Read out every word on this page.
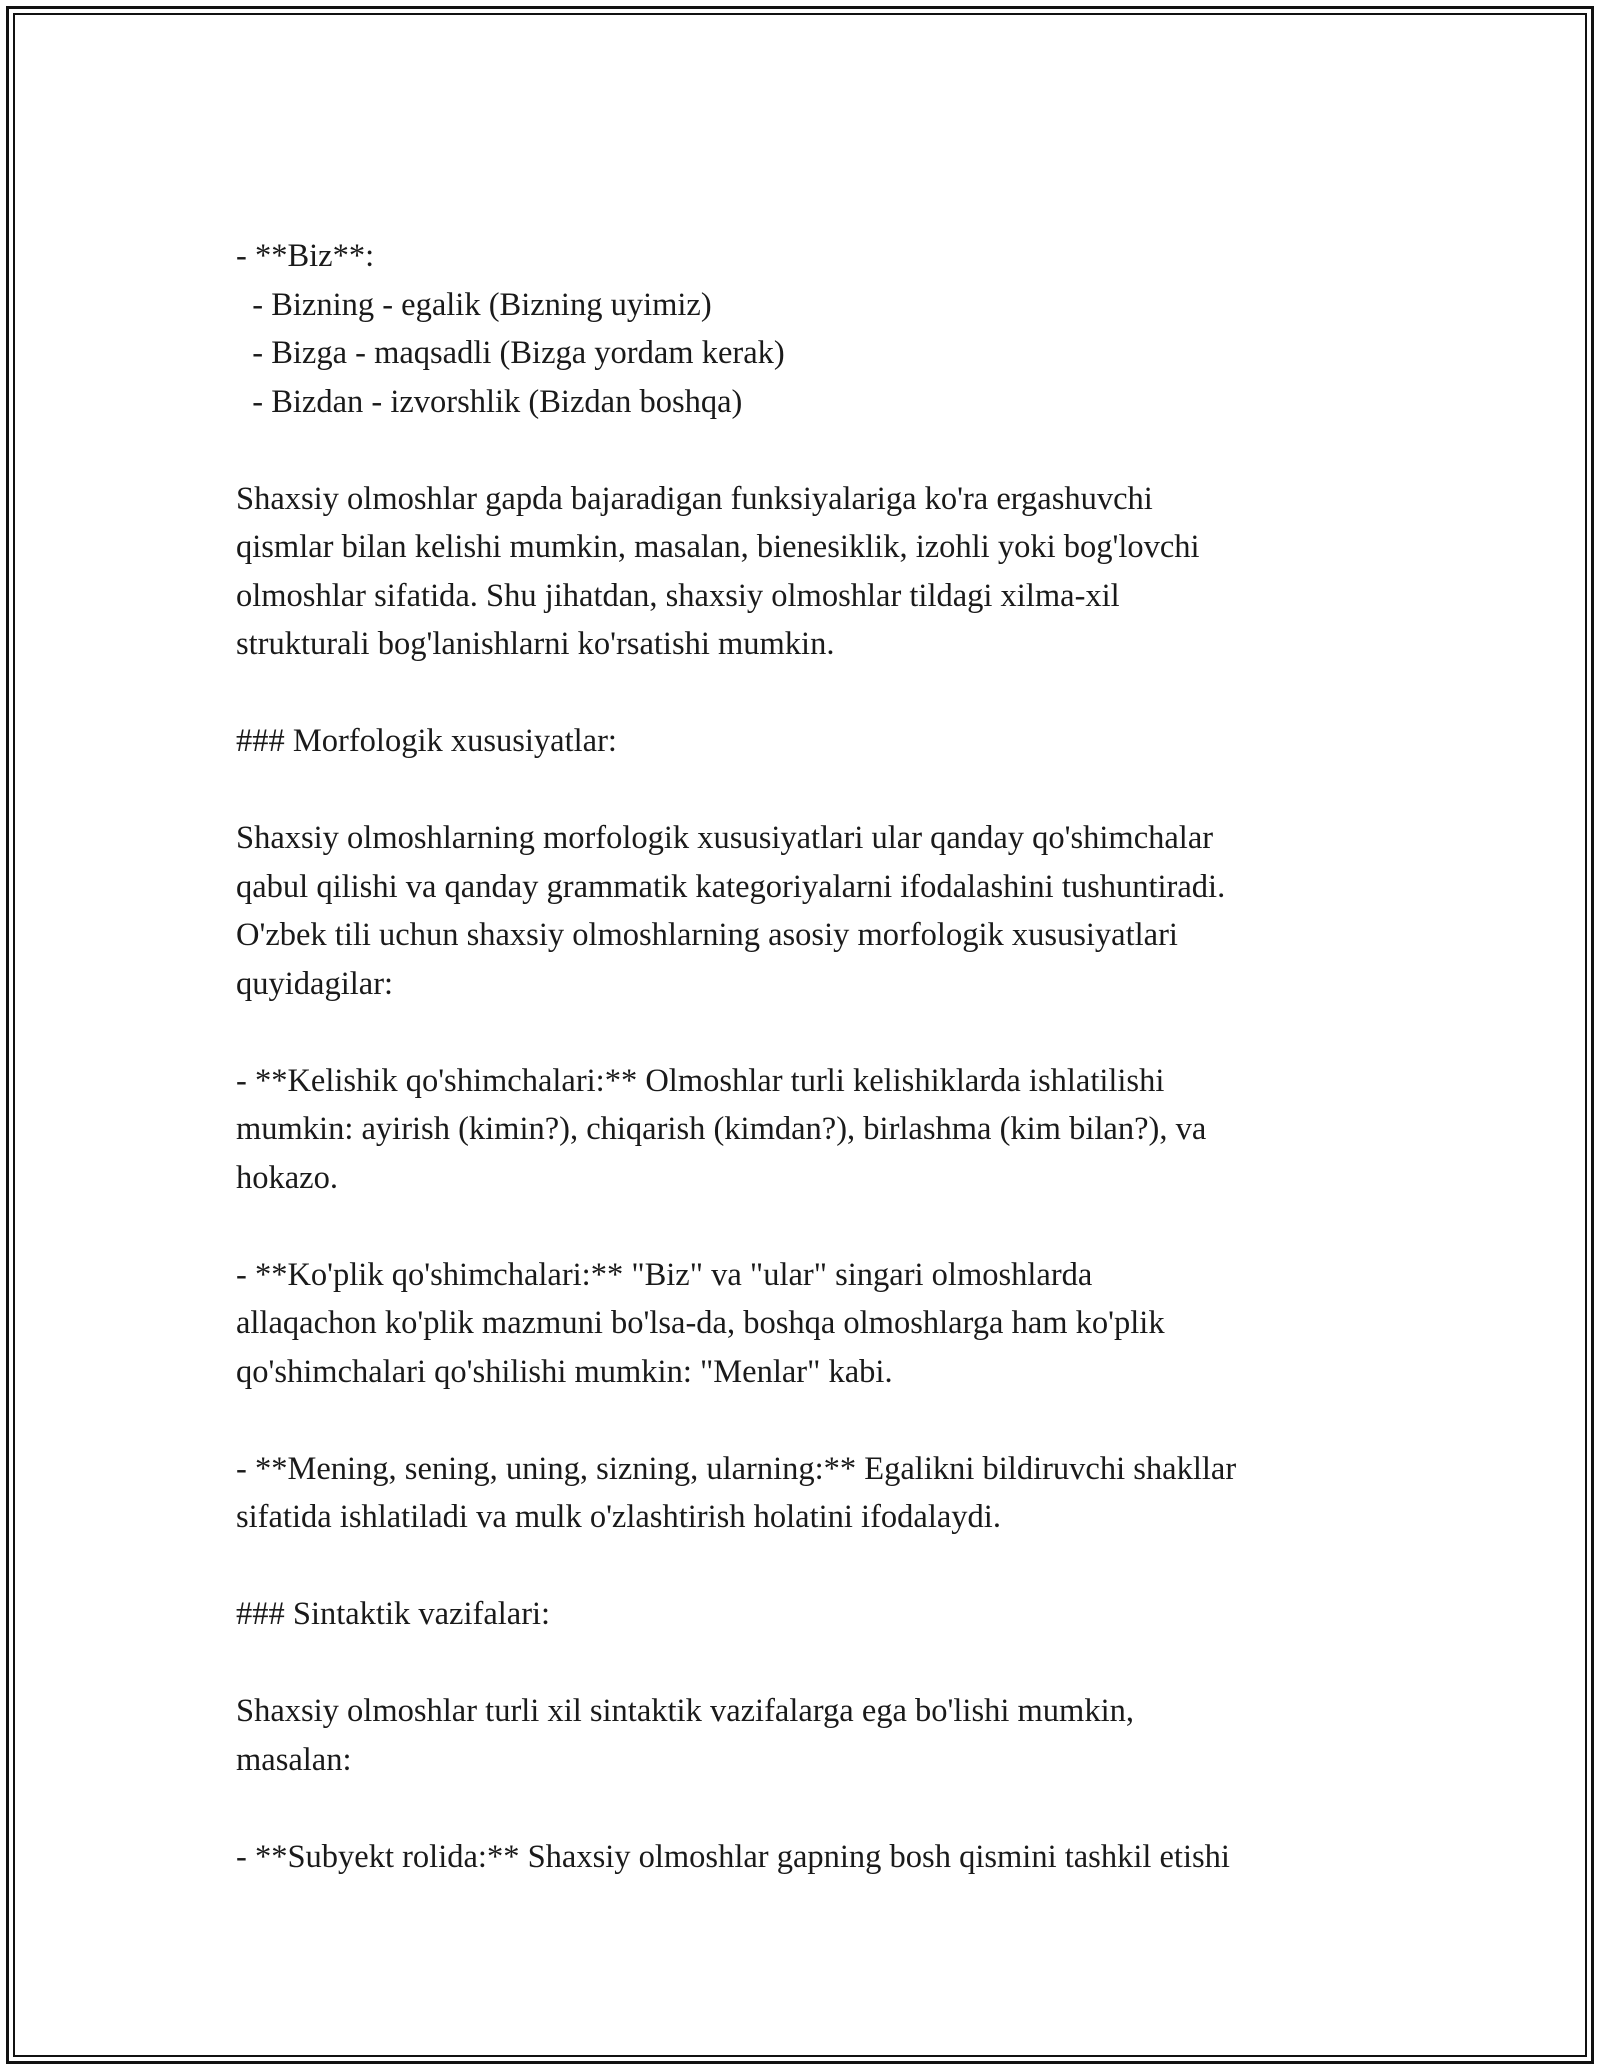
- **Biz**:
- Bizning - egalik (Bizning uyimiz)
- Bizga - maqsadli (Bizga yordam kerak)
- Bizdan - izvorshlik (Bizdan boshqa)
Shaxsiy olmoshlar gapda bajaradigan funksiyalariga ko'ra ergashuvchi
qismlar bilan kelishi mumkin, masalan, bienesiklik, izohli yoki bog'lovchi
olmoshlar sifatida. Shu jihatdan, shaxsiy olmoshlar tildagi xilma-xil
strukturali bog'lanishlarni ko'rsatishi mumkin.
### Morfologik xususiyatlar:
Shaxsiy olmoshlarning morfologik xususiyatlari ular qanday qo'shimchalar
qabul qilishi va qanday grammatik kategoriyalarni ifodalashini tushuntiradi.
O'zbek tili uchun shaxsiy olmoshlarning asosiy morfologik xususiyatlari
quyidagilar:
- **Kelishik qo'shimchalari:** Olmoshlar turli kelishiklarda ishlatilishi
mumkin: ayirish (kimin?), chiqarish (kimdan?), birlashma (kim bilan?), va
hokazo.
- **Ko'plik qo'shimchalari:** "Biz" va "ular" singari olmoshlarda
allaqachon ko'plik mazmuni bo'lsa-da, boshqa olmoshlarga ham ko'plik
qo'shimchalari qo'shilishi mumkin: "Menlar" kabi.
- **Mening, sening, uning, sizning, ularning:** Egalikni bildiruvchi shakllar
sifatida ishlatiladi va mulk o'zlashtirish holatini ifodalaydi.
### Sintaktik vazifalari:
Shaxsiy olmoshlar turli xil sintaktik vazifalarga ega bo'lishi mumkin,
masalan:
- **Subyekt rolida:** Shaxsiy olmoshlar gapning bosh qismini tashkil etishi
